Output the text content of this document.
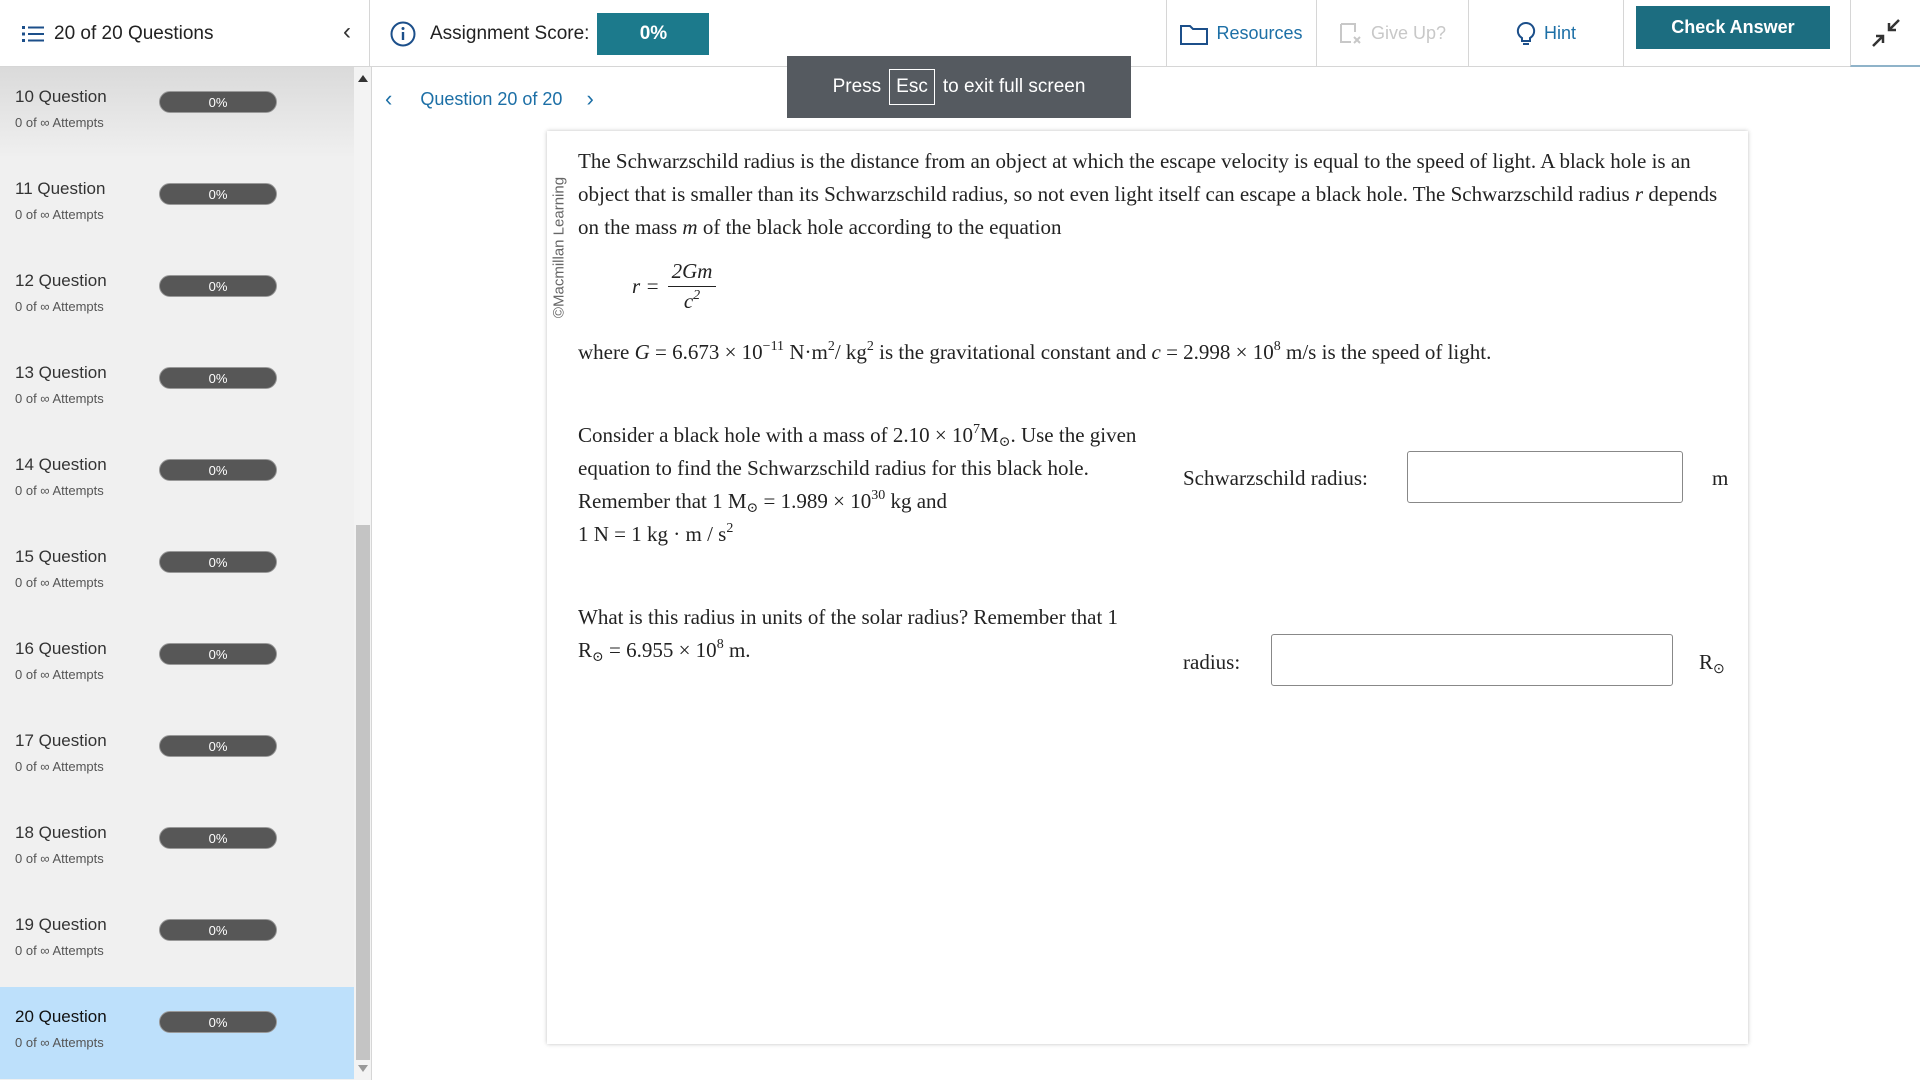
20 of 20 Questions	‹	Assignment Score:	0%	Resources	Give Up?	Hint	Check Answer
Press Esc to exit full screen
10 Question	0%
0 of ∞ Attempts
11 Question	0%
0 of ∞ Attempts
12 Question	0%
0 of ∞ Attempts
13 Question	0%
0 of ∞ Attempts
14 Question	0%
0 of ∞ Attempts
15 Question	0%
0 of ∞ Attempts
16 Question	0%
0 of ∞ Attempts
17 Question	0%
0 of ∞ Attempts
18 Question	0%
0 of ∞ Attempts
19 Question	0%
0 of ∞ Attempts
20 Question	0%
0 of ∞ Attempts
‹ Question 20 of 20 ›
©Macmillan Learning
The Schwarzschild radius is the distance from an object at which the escape velocity is equal to the speed of light. A black hole is an object that is smaller than its Schwarzschild radius, so not even light itself can escape a black hole. The Schwarzschild radius r depends on the mass m of the black hole according to the equation
$r = \frac{2Gm}{c^2}$
where $G = 6.673 \times 10^{-11}$ $N\cdot m^2/$ $kg^2$ is the gravitational constant and $c = 2.998 \times 10^8$ m/s is the speed of light.
Consider a black hole with a mass of $2.10 \times 10^7M_⊙$. Use the given equation to find the Schwarzschild radius for this black hole. Remember that 1 $M_⊙ = 1.989 \times 10^{30}$ kg and
1 N = 1 kg · m / $s^2$
Schwarzschild radius:	m
What is this radius in units of the solar radius? Remember that 1 $R_⊙ = 6.955 \times 10^8$ m.	radius:	$R_⊙$
